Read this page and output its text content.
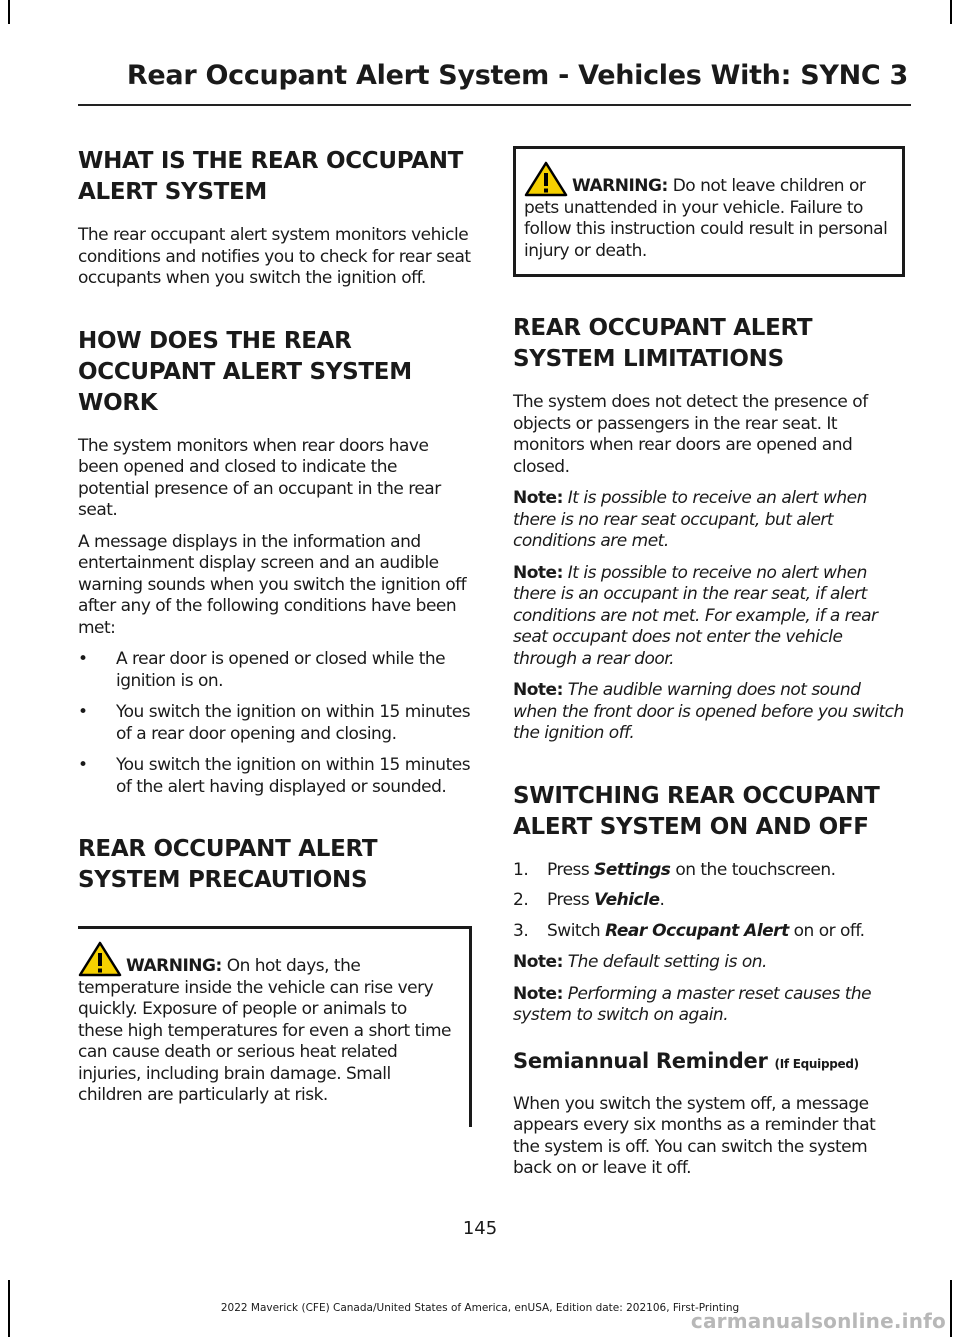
Rear Occupant Alert System - Vehicles With: SYNC 3
WHAT IS THE REAR OCCUPANT ALERT SYSTEM

The rear occupant alert system monitors vehicle conditions and notifies you to check for rear seat occupants when you switch the ignition off.

HOW DOES THE REAR OCCUPANT ALERT SYSTEM WORK

The system monitors when rear doors have been opened and closed to indicate the potential presence of an occupant in the rear seat.

A message displays in the information and entertainment display screen and an audible warning sounds when you switch the ignition off after any of the following conditions have been met:

• A rear door is opened or closed while the ignition is on.

• You switch the ignition on within 15 minutes of a rear door opening and closing.

• You switch the ignition on within 15 minutes of the alert having displayed or sounded.

REAR OCCUPANT ALERT SYSTEM PRECAUTIONS

WARNING: On hot days, the temperature inside the vehicle can rise very quickly. Exposure of people or animals to these high temperatures for even a short time can cause death or serious heat related injuries, including brain damage. Small children are particularly at risk.

WARNING: Do not leave children or pets unattended in your vehicle. Failure to follow this instruction could result in personal injury or death.

REAR OCCUPANT ALERT SYSTEM LIMITATIONS

The system does not detect the presence of objects or passengers in the rear seat. It monitors when rear doors are opened and closed.

Note: It is possible to receive an alert when there is no rear seat occupant, but alert conditions are met.

Note: It is possible to receive no alert when there is an occupant in the rear seat, if alert conditions are not met. For example, if a rear seat occupant does not enter the vehicle through a rear door.

Note: The audible warning does not sound when the front door is opened before you switch the ignition off.

SWITCHING REAR OCCUPANT ALERT SYSTEM ON AND OFF

1. Press Settings on the touchscreen.

2. Press Vehicle.

3. Switch Rear Occupant Alert on or off.

Note: The default setting is on.

Note: Performing a master reset causes the system to switch on again.

Semiannual Reminder (If Equipped)

When you switch the system off, a message appears every six months as a reminder that the system is off. You can switch the system back on or leave it off.

145
2022 Maverick (CFE) Canada/United States of America, enUSA, Edition date: 202106, First-Printing
carmanualsonline.info
